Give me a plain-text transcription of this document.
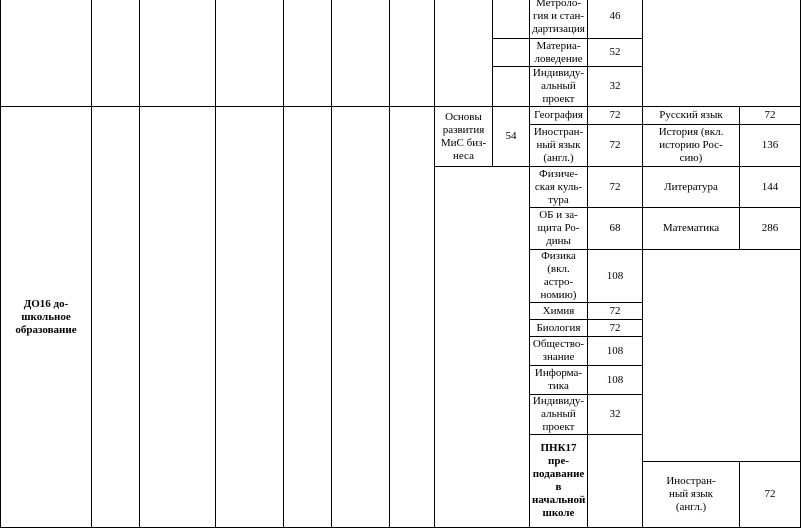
									Метроло-
гия и стан-
дартизация	46			
									Материа-
ловедение	52			
									Индивиду-
альный
проект	32			
ДО16 до-
школьное
образование							Основы
развития
МиС биз-
неса	54	География	72	Русский язык	72	
									Иностран-
ный язык
(англ.)	72	История (вкл.
историю Рос-
сию)	136	
									Физиче-
ская куль-
тура	72	Литература	144	
									ОБ и за-
щита Ро-
дины	68	Математика	286	
									Физика
(вкл. астро-
номию)	108			
									Химия	72			
									Биология	72			
									Общество-
знание	108			
									Информа-
тика	108			
									Индивиду-
альный
проект	32			
									ПНК17 пре-
подавание в
начальной
школе												
											Иностран-
ный язык
(англ.)	72		
